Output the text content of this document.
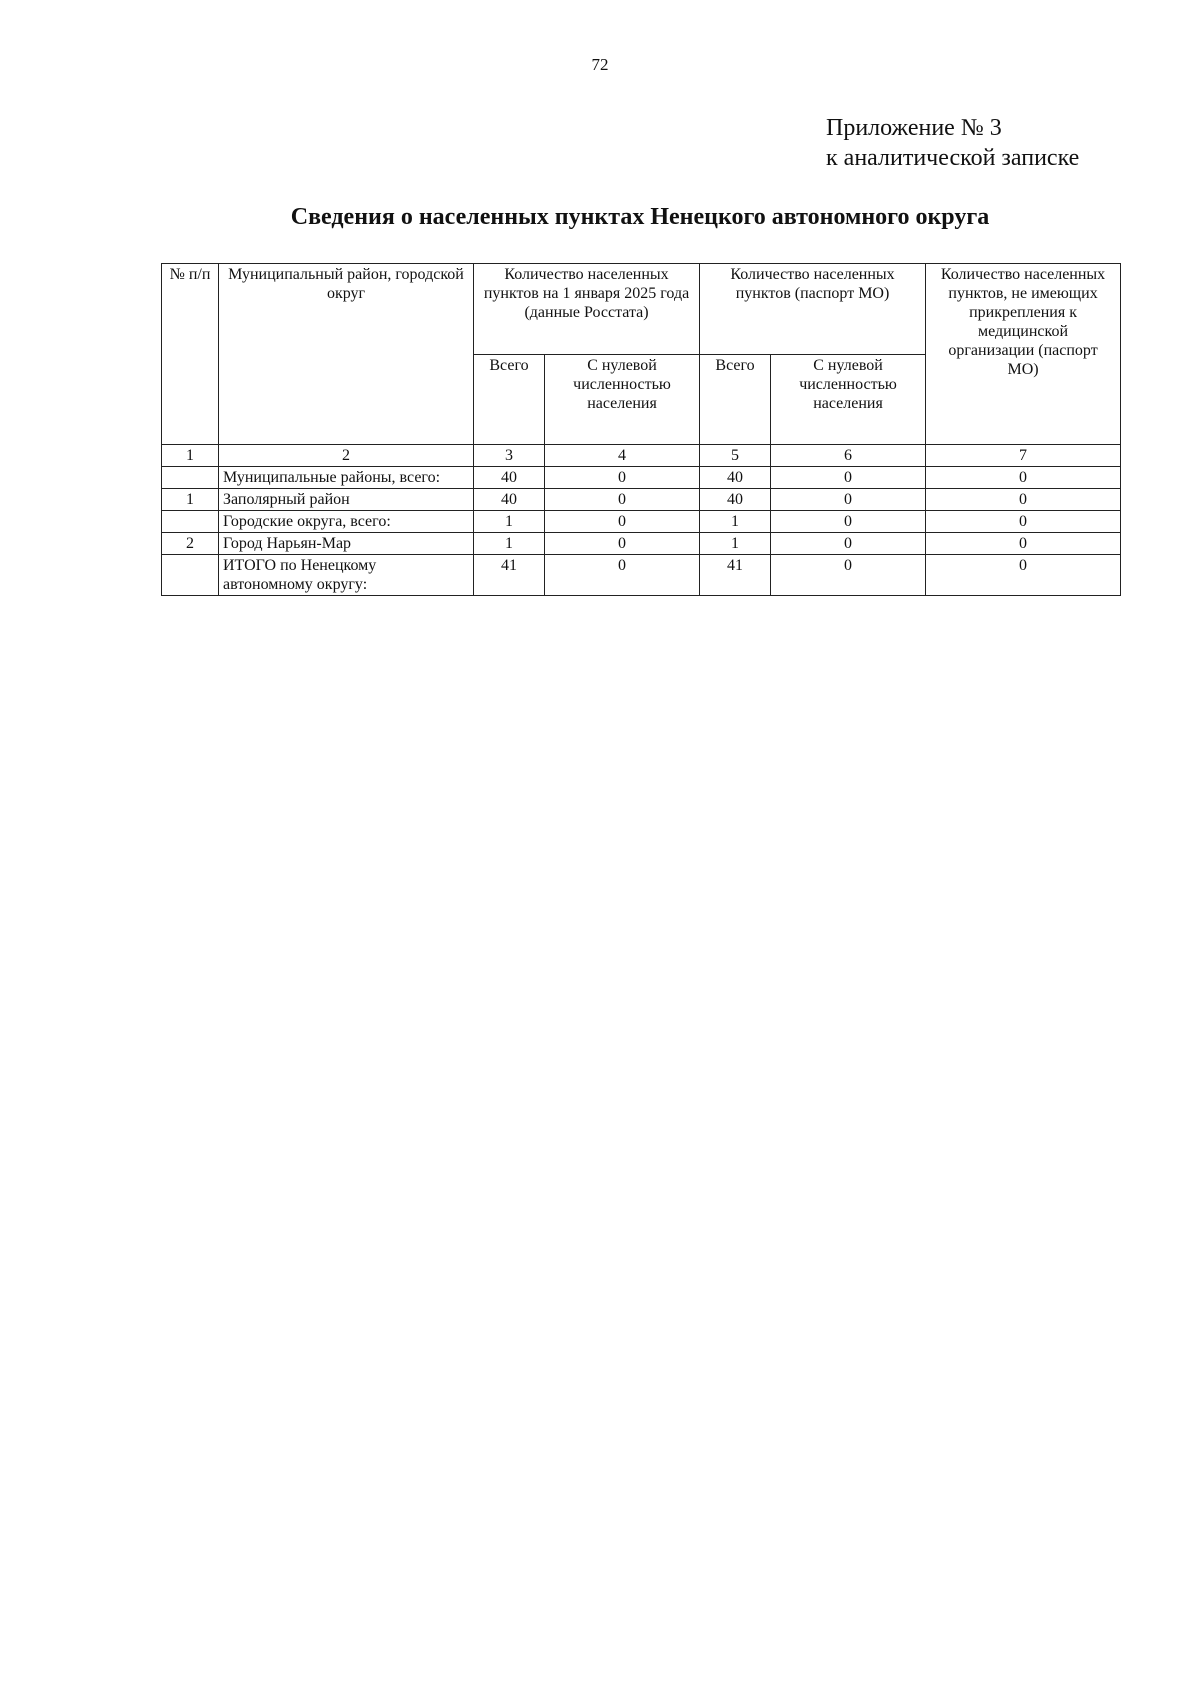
72
Приложение № 3
к аналитической записке
Сведения о населенных пунктах Ненецкого автономного округа
№ п/п	Муниципальный район, городской округ	Количество населенных пунктов на 1 января 2025 года (данные Росстата)		Количество населенных пунктов (паспорт МО)		Количество населенных пунктов, не имеющих прикрепления к медицинской организации (паспорт МО)
		Всего	С нулевой численностью населения	Всего	С нулевой численностью населения	
1	2	3	4	5	6	7
	Муниципальные районы, всего:	40	0	40	0	0
1	Заполярный район	40	0	40	0	0
	Городские округа, всего:	1	0	1	0	0
2	Город Нарьян-Мар	1	0	1	0	0
	ИТОГО по Ненецкому автономному округу:	41	0	41	0	0
